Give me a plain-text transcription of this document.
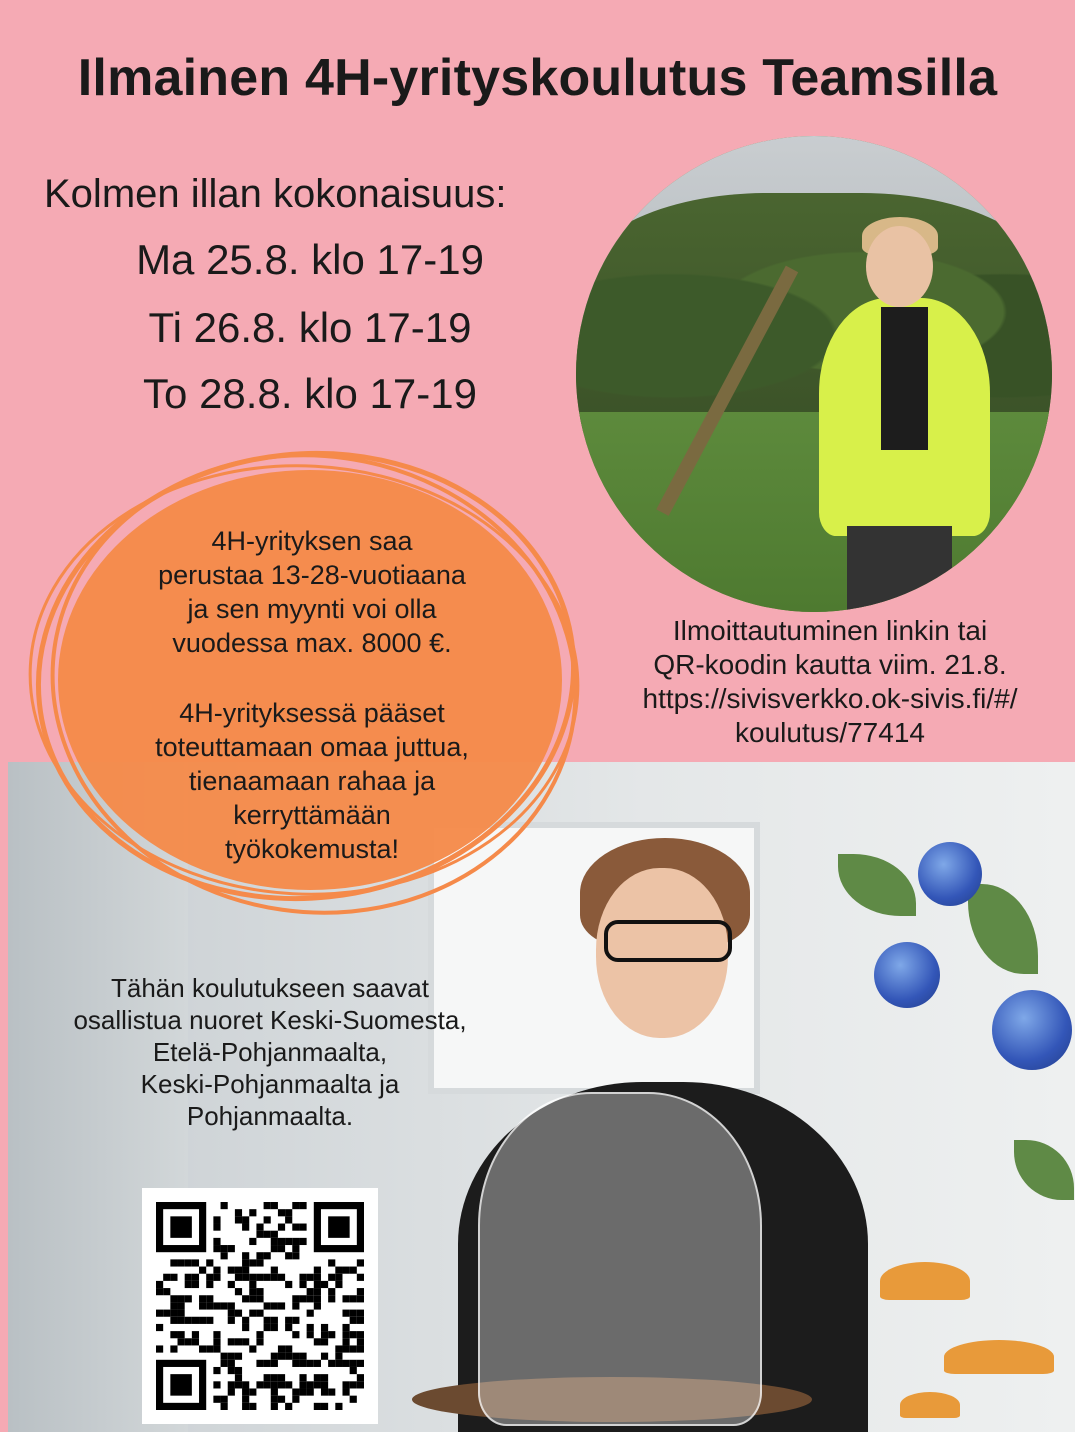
Ilmainen 4H-yrityskoulutus Teamsilla

Kolmen illan kokonaisuus:

Ma 25.8. klo 17-19

Ti 26.8. klo 17-19

To 28.8. klo 17-19

4H-yrityksen saa
perustaa 13-28-vuotiaana
ja sen myynti voi olla
vuodessa max. 8000 €.

4H-yrityksessä pääset
toteuttamaan omaa juttua,
tienaamaan rahaa ja
kerryttämään
työkokemusta!

Ilmoittautuminen linkin tai
QR-koodin kautta viim. 21.8.
https://sivisverkko.ok-sivis.fi/#/
koulutus/77414

Tähän koulutukseen saavat
osallistua nuoret Keski-Suomesta,
Etelä-Pohjanmaalta,
Keski-Pohjanmaalta ja
Pohjanmaalta.
